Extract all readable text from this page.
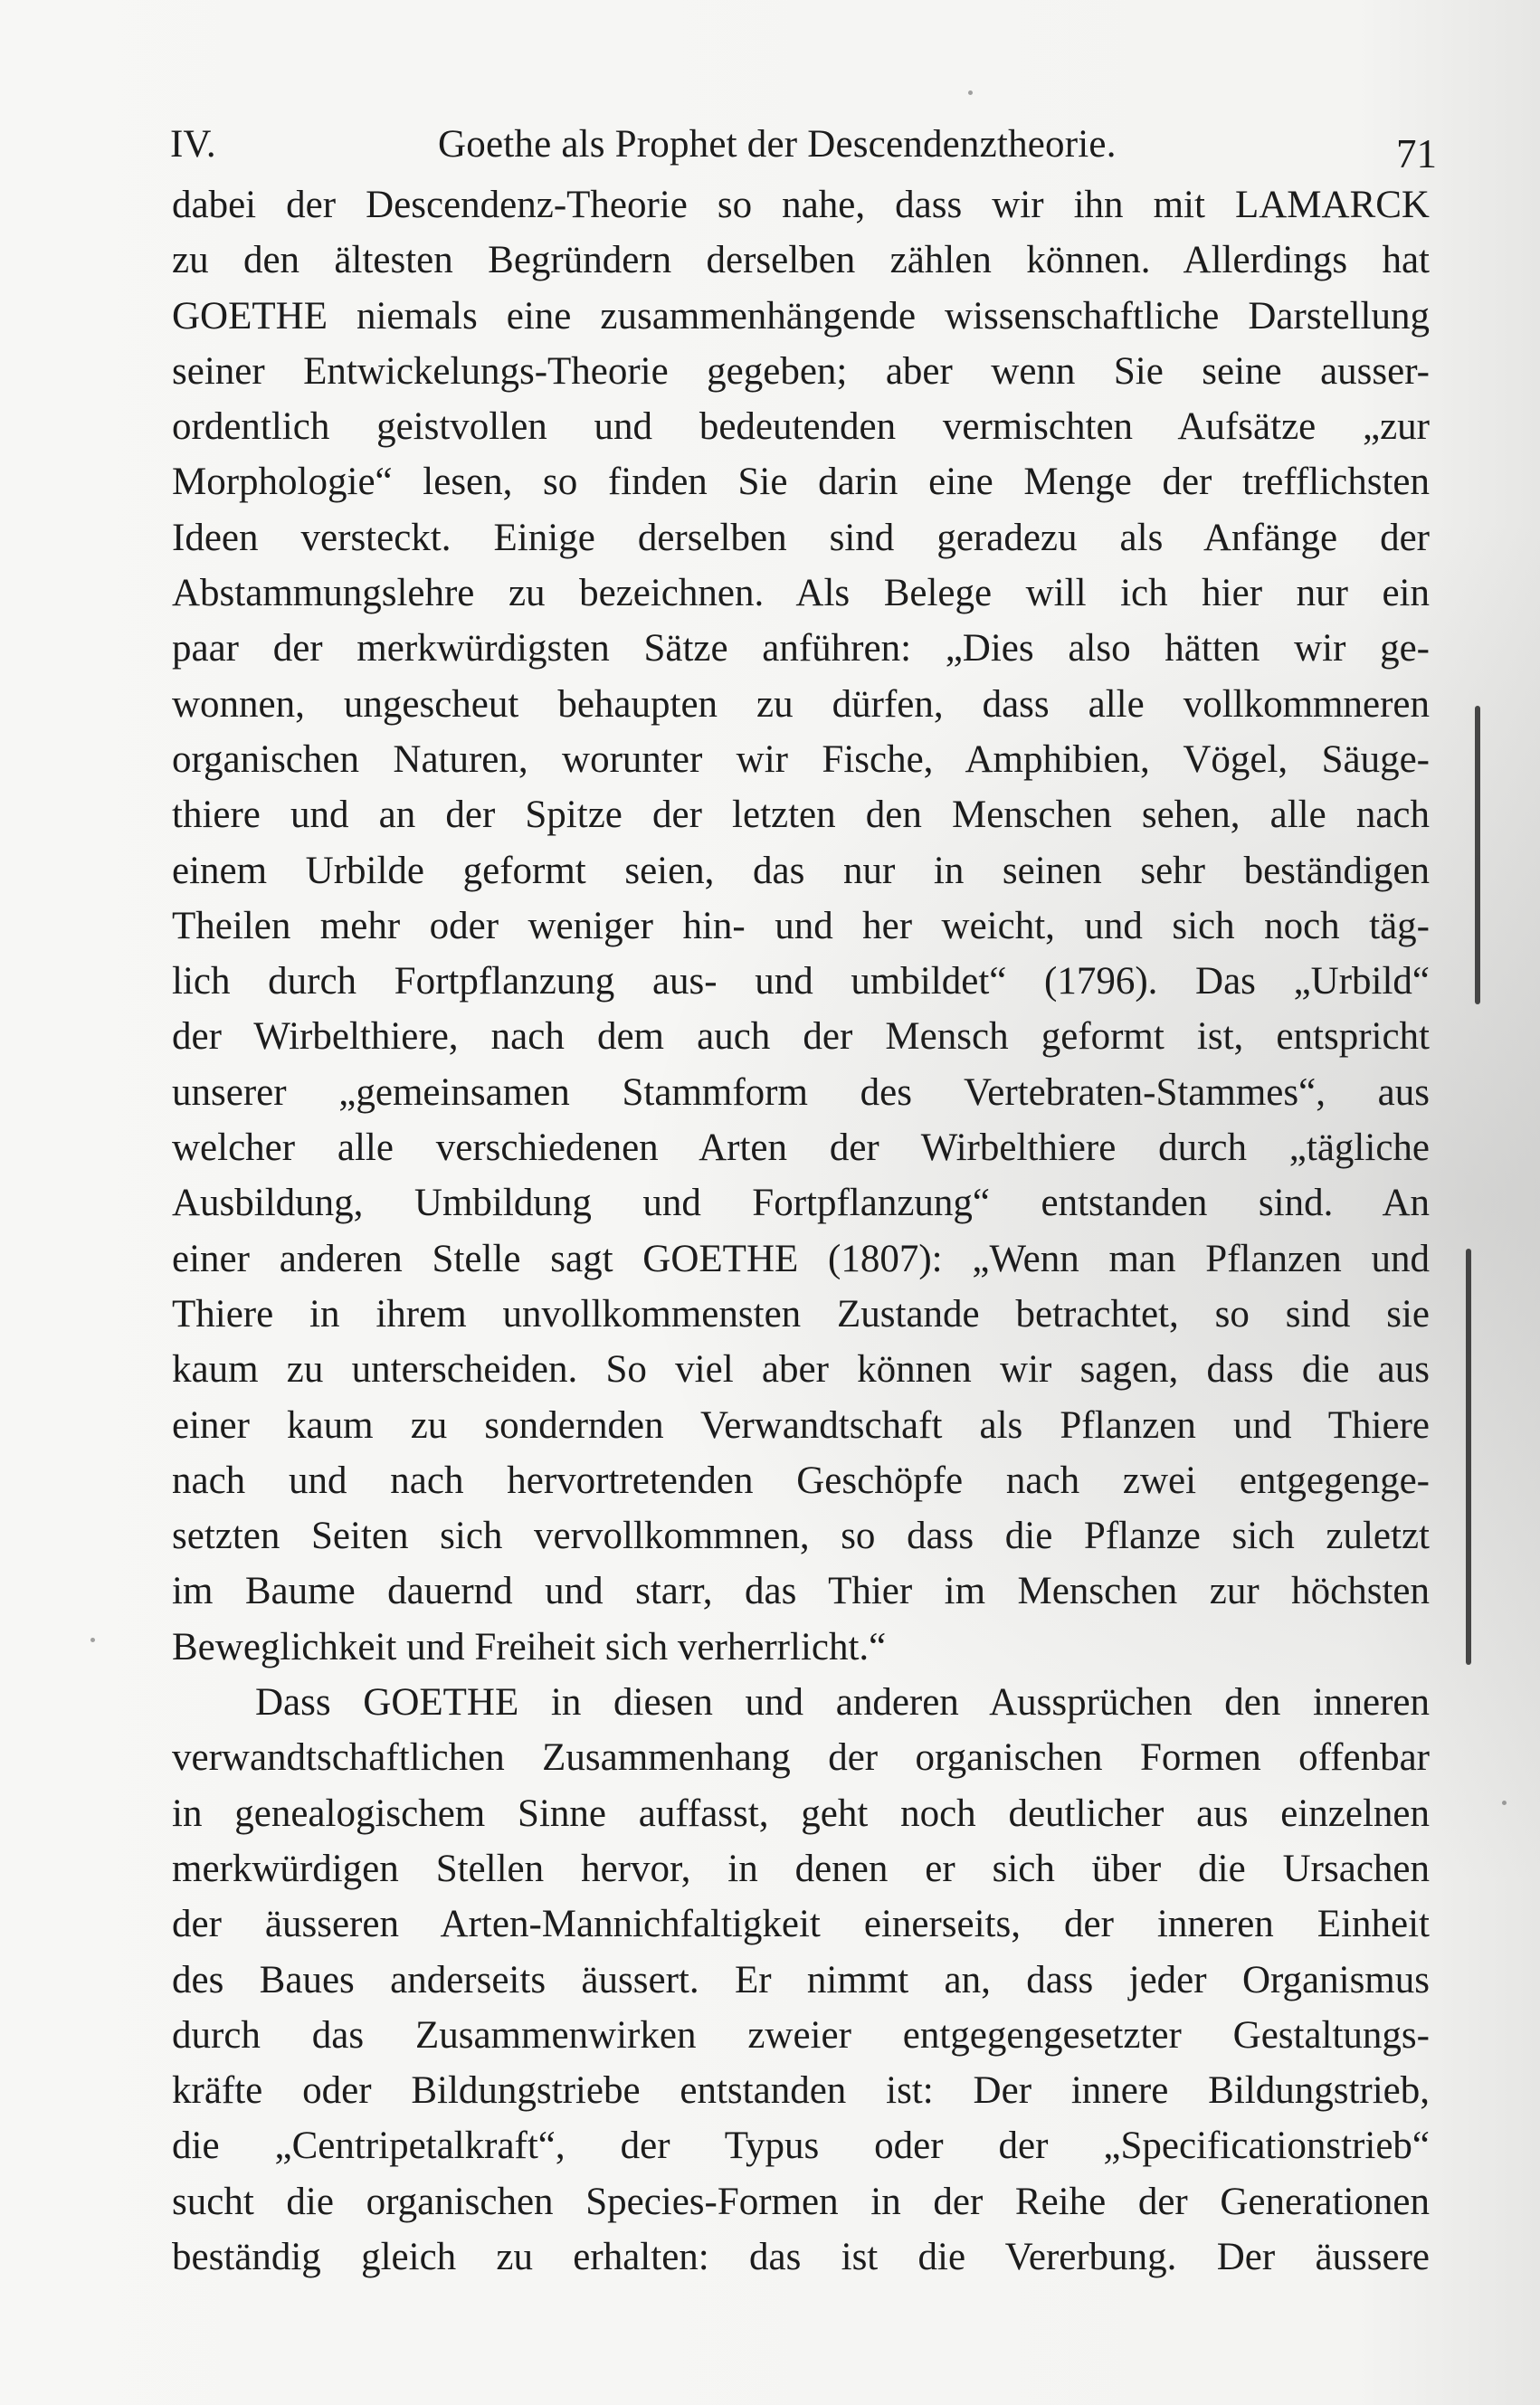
IV.	Goethe als Prophet der Descendenztheorie.	71
dabei der Descendenz-Theorie so nahe, dass wir ihn mit LAMARCK
zu den ältesten Begründern derselben zählen können. Allerdings hat
GOETHE niemals eine zusammenhängende wissenschaftliche Darstellung
seiner Entwickelungs-Theorie gegeben; aber wenn Sie seine ausser-
ordentlich geistvollen und bedeutenden vermischten Aufsätze „zur
Morphologie“ lesen, so finden Sie darin eine Menge der trefflichsten
Ideen versteckt. Einige derselben sind geradezu als Anfänge der
Abstammungslehre zu bezeichnen. Als Belege will ich hier nur ein
paar der merkwürdigsten Sätze anführen: „Dies also hätten wir ge-
wonnen, ungescheut behaupten zu dürfen, dass alle vollkommneren
organischen Naturen, worunter wir Fische, Amphibien, Vögel, Säuge-
thiere und an der Spitze der letzten den Menschen sehen, alle nach
einem Urbilde geformt seien, das nur in seinen sehr beständigen
Theilen mehr oder weniger hin- und her weicht, und sich noch täg-
lich durch Fortpflanzung aus- und umbildet“ (1796). Das „Urbild“
der Wirbelthiere, nach dem auch der Mensch geformt ist, entspricht
unserer „gemeinsamen Stammform des Vertebraten-Stammes“, aus
welcher alle verschiedenen Arten der Wirbelthiere durch „tägliche
Ausbildung, Umbildung und Fortpflanzung“ entstanden sind. An
einer anderen Stelle sagt GOETHE (1807): „Wenn man Pflanzen und
Thiere in ihrem unvollkommensten Zustande betrachtet, so sind sie
kaum zu unterscheiden. So viel aber können wir sagen, dass die aus
einer kaum zu sondernden Verwandtschaft als Pflanzen und Thiere
nach und nach hervortretenden Geschöpfe nach zwei entgegenge-
setzten Seiten sich vervollkommnen, so dass die Pflanze sich zuletzt
im Baume dauernd und starr, das Thier im Menschen zur höchsten
Beweglichkeit und Freiheit sich verherrlicht.“
Dass GOETHE in diesen und anderen Aussprüchen den inneren
verwandtschaftlichen Zusammenhang der organischen Formen offenbar
in genealogischem Sinne auffasst, geht noch deutlicher aus einzelnen
merkwürdigen Stellen hervor, in denen er sich über die Ursachen
der äusseren Arten-Mannichfaltigkeit einerseits, der inneren Einheit
des Baues anderseits äussert. Er nimmt an, dass jeder Organismus
durch das Zusammenwirken zweier entgegengesetzter Gestaltungs-
kräfte oder Bildungstriebe entstanden ist: Der innere Bildungstrieb,
die „Centripetalkraft“, der Typus oder der „Specificationstrieb“
sucht die organischen Species-Formen in der Reihe der Generationen
beständig gleich zu erhalten: das ist die Vererbung. Der äussere
